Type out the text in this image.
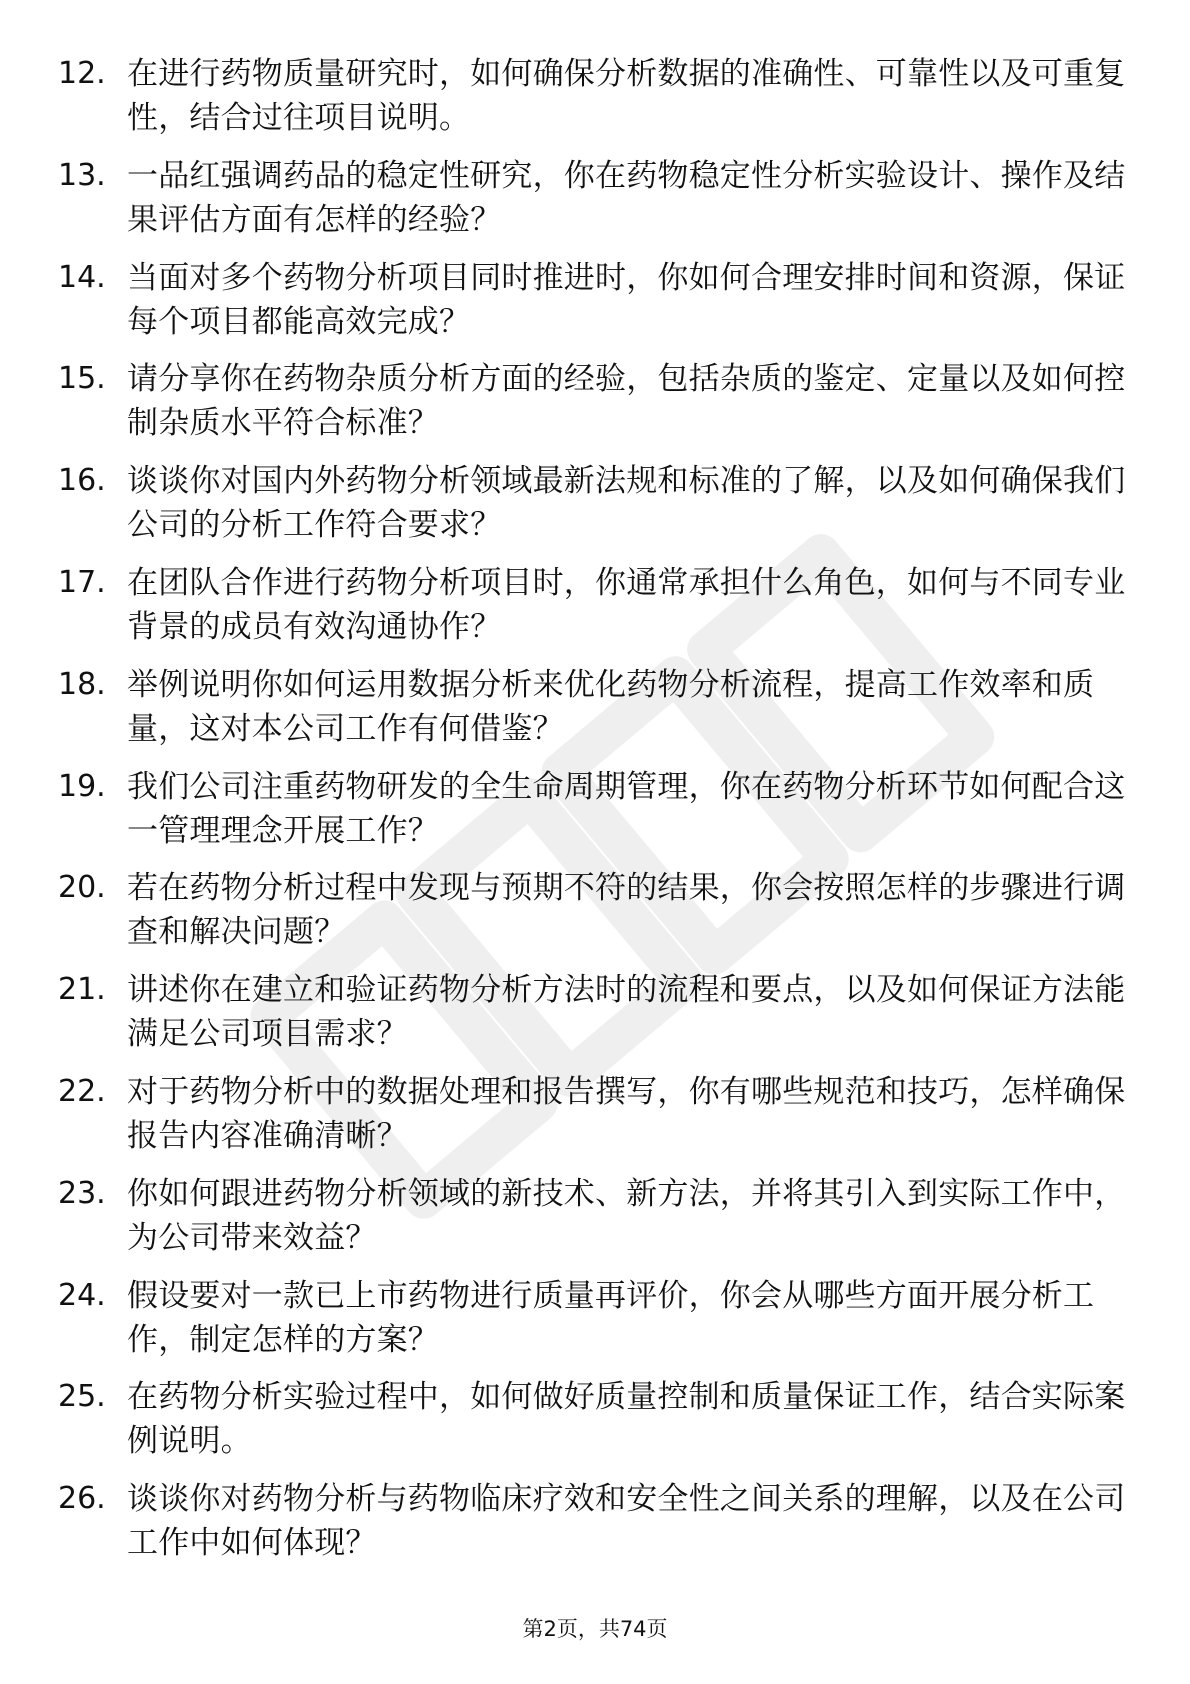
12. 在进行药物质量研究时，如何确保分析数据的准确性、可靠性以及可重复性，结合过往项目说明。
13. 一品红强调药品的稳定性研究，你在药物稳定性分析实验设计、操作及结果评估方面有怎样的经验？
14. 当面对多个药物分析项目同时推进时，你如何合理安排时间和资源，保证每个项目都能高效完成？
15. 请分享你在药物杂质分析方面的经验，包括杂质的鉴定、定量以及如何控制杂质水平符合标准？
16. 谈谈你对国内外药物分析领域最新法规和标准的了解，以及如何确保我们公司的分析工作符合要求？
17. 在团队合作进行药物分析项目时，你通常承担什么角色，如何与不同专业背景的成员有效沟通协作？
18. 举例说明你如何运用数据分析来优化药物分析流程，提高工作效率和质量，这对本公司工作有何借鉴？
19. 我们公司注重药物研发的全生命周期管理，你在药物分析环节如何配合这一管理理念开展工作？
20. 若在药物分析过程中发现与预期不符的结果，你会按照怎样的步骤进行调查和解决问题？
21. 讲述你在建立和验证药物分析方法时的流程和要点，以及如何保证方法能满足公司项目需求？
22. 对于药物分析中的数据处理和报告撰写，你有哪些规范和技巧，怎样确保报告内容准确清晰？
23. 你如何跟进药物分析领域的新技术、新方法，并将其引入到实际工作中，为公司带来效益？
24. 假设要对一款已上市药物进行质量再评价，你会从哪些方面开展分析工作，制定怎样的方案？
25. 在药物分析实验过程中，如何做好质量控制和质量保证工作，结合实际案例说明。
26. 谈谈你对药物分析与药物临床疗效和安全性之间关系的理解，以及在公司工作中如何体现？
第2页，共74页
